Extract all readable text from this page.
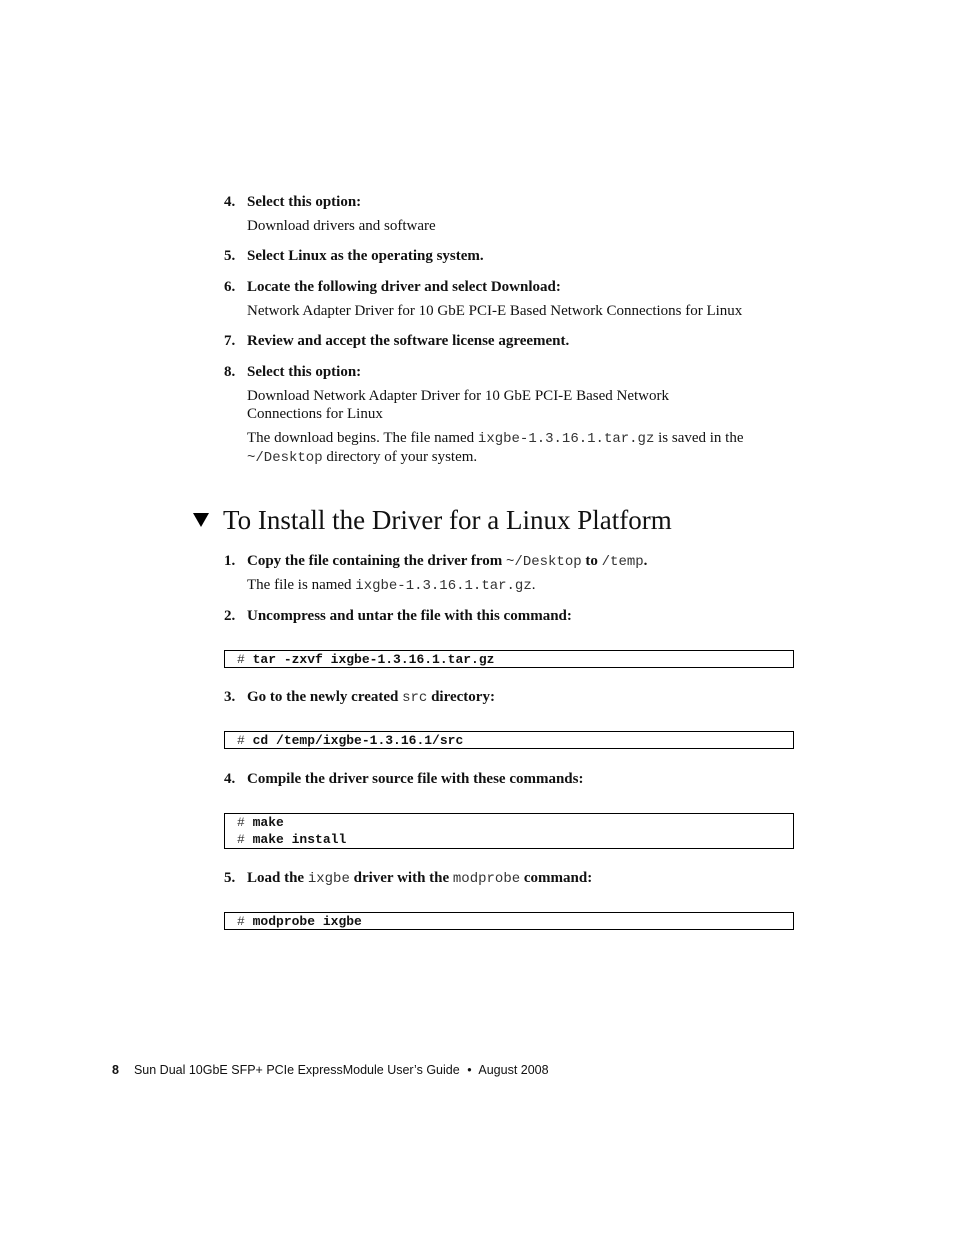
4. Select this option:
Download drivers and software
5. Select Linux as the operating system.
6. Locate the following driver and select Download:
Network Adapter Driver for 10 GbE PCI-E Based Network Connections for Linux
7. Review and accept the software license agreement.
8. Select this option:
Download Network Adapter Driver for 10 GbE PCI-E Based Network Connections for Linux
The download begins. The file named ixgbe-1.3.16.1.tar.gz is saved in the
~/Desktop directory of your system.
To Install the Driver for a Linux Platform
1. Copy the file containing the driver from ~/Desktop to /temp.
The file is named ixgbe-1.3.16.1.tar.gz.
2. Uncompress and untar the file with this command:
# tar -zxvf ixgbe-1.3.16.1.tar.gz
3. Go to the newly created src directory:
# cd /temp/ixgbe-1.3.16.1/src
4. Compile the driver source file with these commands:
# make
# make install
5. Load the ixgbe driver with the modprobe command:
# modprobe ixgbe
8 Sun Dual 10GbE SFP+ PCIe ExpressModule User’s Guide • August 2008
